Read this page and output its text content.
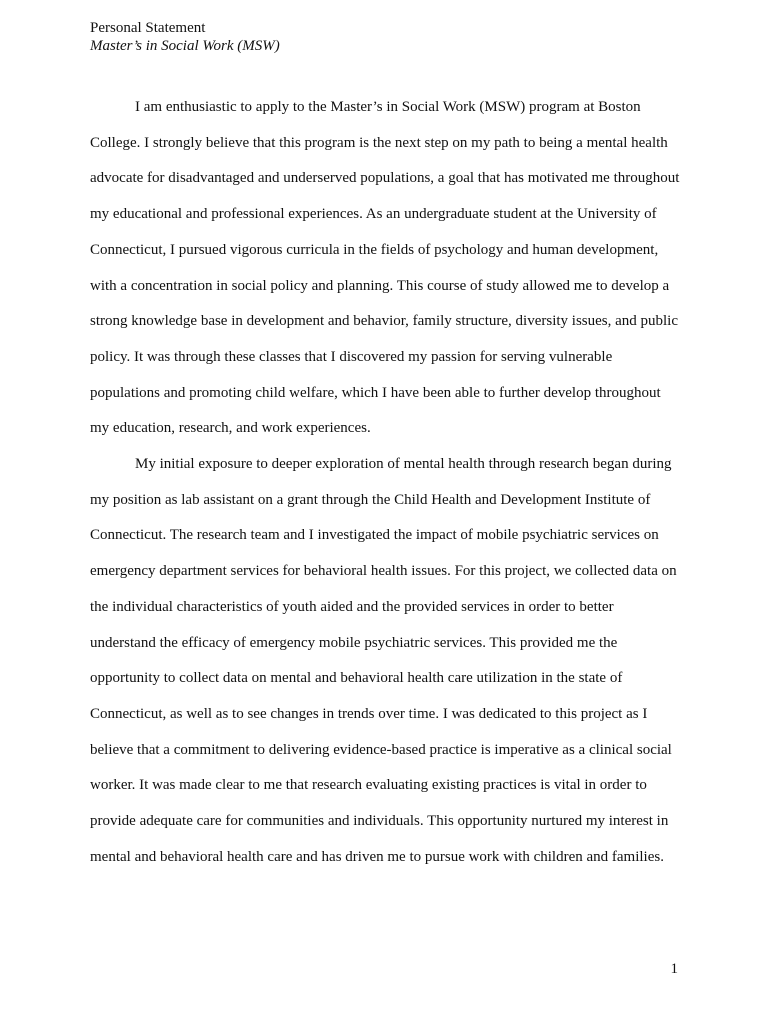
Personal Statement
Master’s in Social Work (MSW)

I am enthusiastic to apply to the Master’s in Social Work (MSW) program at Boston College. I strongly believe that this program is the next step on my path to being a mental health advocate for disadvantaged and underserved populations, a goal that has motivated me throughout my educational and professional experiences. As an undergraduate student at the University of Connecticut, I pursued vigorous curricula in the fields of psychology and human development, with a concentration in social policy and planning. This course of study allowed me to develop a strong knowledge base in development and behavior, family structure, diversity issues, and public policy. It was through these classes that I discovered my passion for serving vulnerable populations and promoting child welfare, which I have been able to further develop throughout my education, research, and work experiences.

My initial exposure to deeper exploration of mental health through research began during my position as lab assistant on a grant through the Child Health and Development Institute of Connecticut. The research team and I investigated the impact of mobile psychiatric services on emergency department services for behavioral health issues. For this project, we collected data on the individual characteristics of youth aided and the provided services in order to better understand the efficacy of emergency mobile psychiatric services. This provided me the opportunity to collect data on mental and behavioral health care utilization in the state of Connecticut, as well as to see changes in trends over time. I was dedicated to this project as I believe that a commitment to delivering evidence-based practice is imperative as a clinical social worker. It was made clear to me that research evaluating existing practices is vital in order to provide adequate care for communities and individuals. This opportunity nurtured my interest in mental and behavioral health care and has driven me to pursue work with children and families.

1
